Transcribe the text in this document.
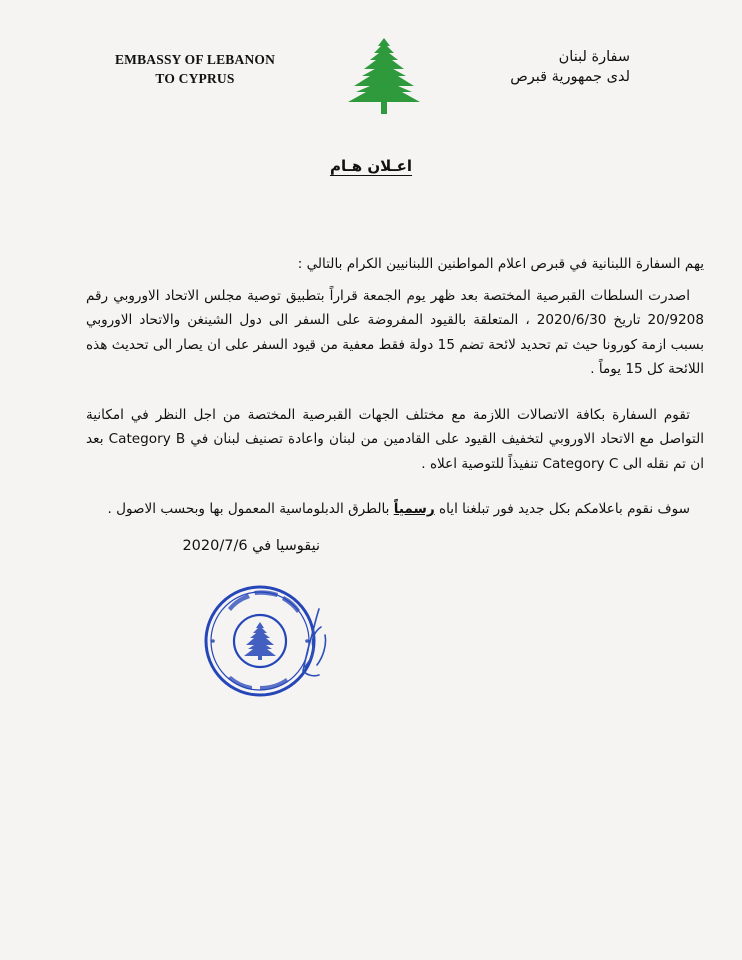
EMBASSY OF LEBANON
TO CYPRUS
سفارة لبنان
لدى جمهورية قبرص
اعـلان هـام

يهم السفارة اللبنانية في قبرص اعلام المواطنين اللبنانيين الكرام بالتالي :

اصدرت السلطات القبرصية المختصة بعد ظهر يوم الجمعة قراراً بتطبيق توصية مجلس الاتحاد الاوروبي رقم 20/9208 تاريخ 2020/6/30 ، المتعلقة بالقيود المفروضة على السفر الى دول الشينغن والاتحاد الاوروبي بسبب ازمة كورونا حيث تم تحديد لائحة تضم 15 دولة فقط معفية من قيود السفر على ان يصار الى تحديث هذه اللائحة كل 15 يوماً .

تقوم السفارة بكافة الاتصالات اللازمة مع مختلف الجهات القبرصية المختصة من اجل النظر في امكانية التواصل مع الاتحاد الاوروبي لتخفيف القيود على القادمين من لبنان واعادة تصنيف لبنان في Category B بعد ان تم نقله الى Category C تنفيذاً للتوصية اعلاه .

سوف نقوم باعلامكم بكل جديد فور تبلغنا اياه رسمياً بالطرق الدبلوماسية المعمول بها وبحسب الاصول .

نيقوسيا في 2020/7/6
